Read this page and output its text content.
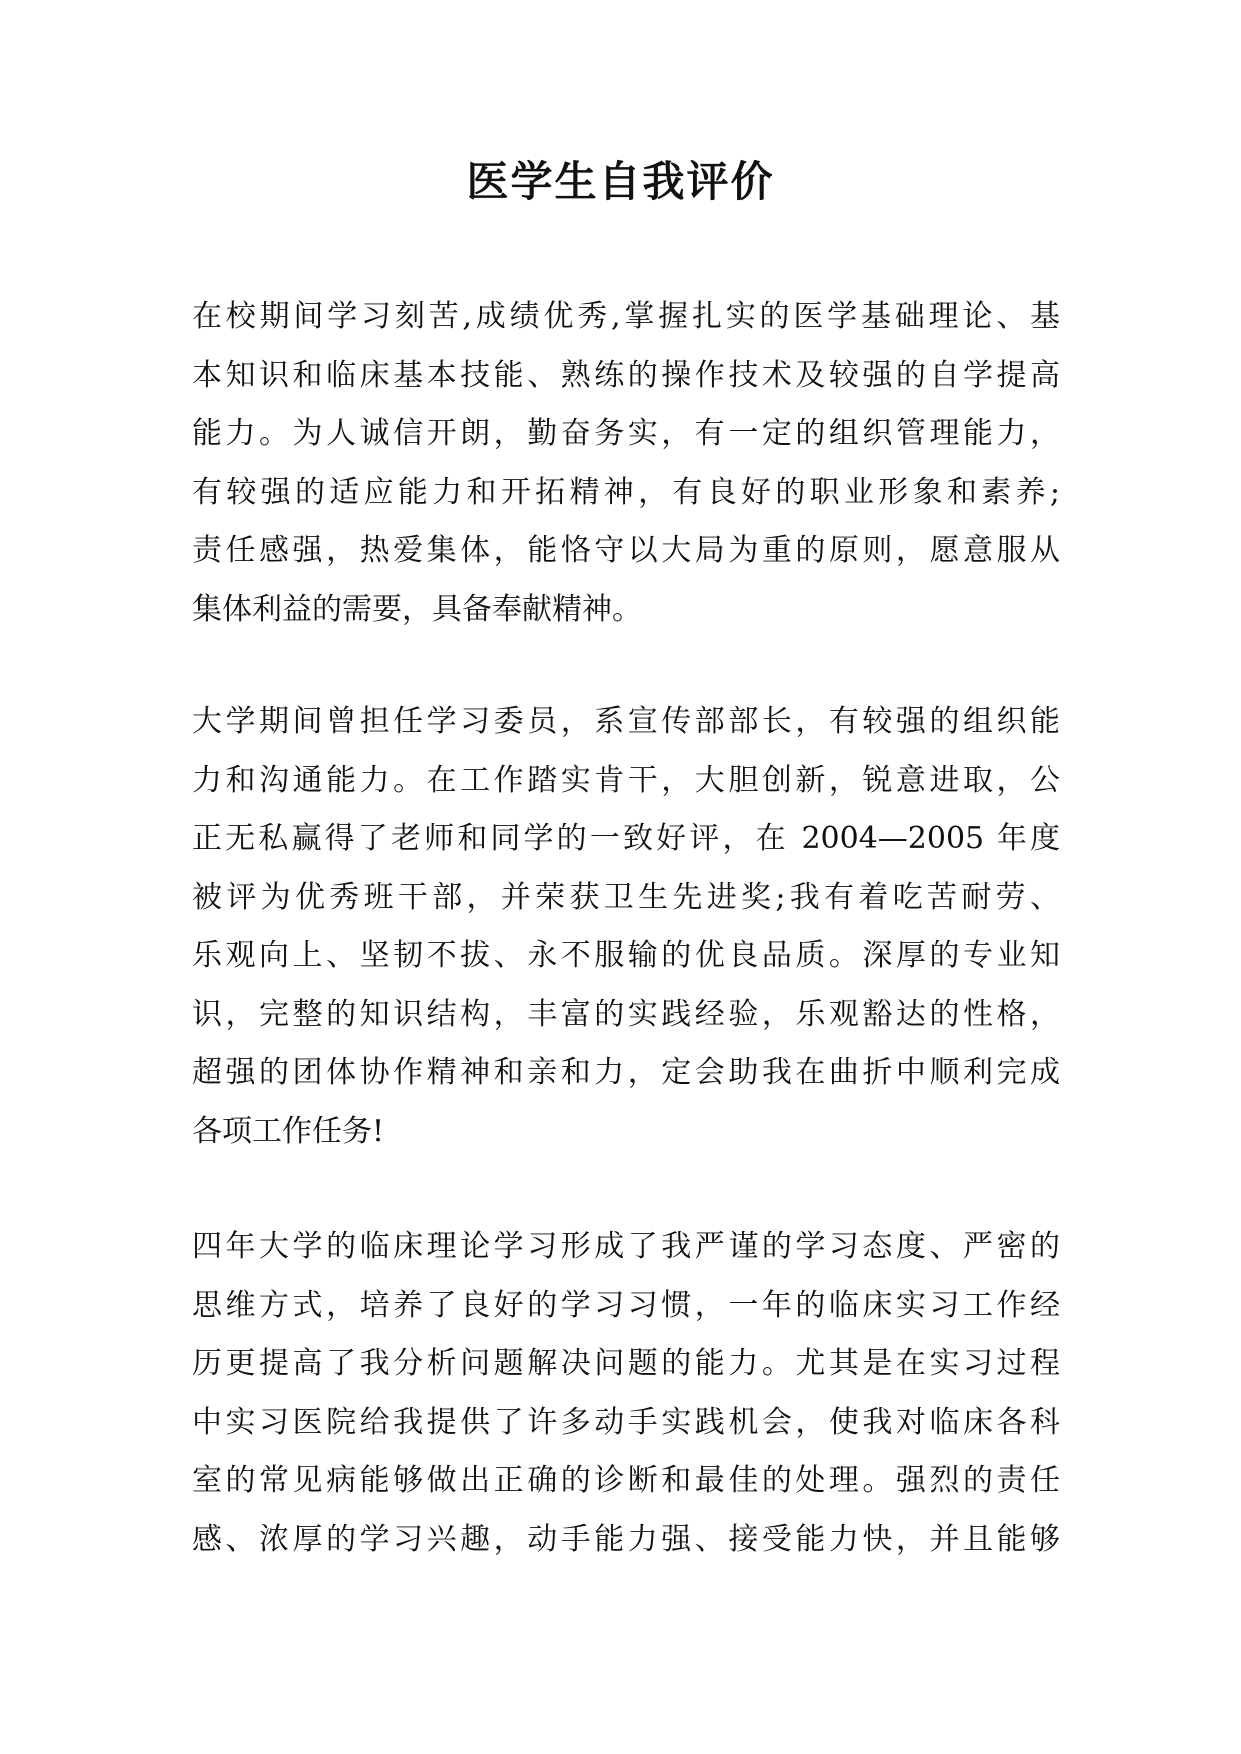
医学生自我评价
在校期间学习刻苦,成绩优秀,掌握扎实的医学基础理论、基
本知识和临床基本技能、熟练的操作技术及较强的自学提高
能力。为人诚信开朗，勤奋务实，有一定的组织管理能力，
有较强的适应能力和开拓精神，有良好的职业形象和素养;
责任感强，热爱集体，能恪守以大局为重的原则，愿意服从
集体利益的需要，具备奉献精神。
大学期间曾担任学习委员，系宣传部部长，有较强的组织能
力和沟通能力。在工作踏实肯干，大胆创新，锐意进取，公
正无私赢得了老师和同学的一致好评，在 2004—2005 年度
被评为优秀班干部，并荣获卫生先进奖;我有着吃苦耐劳、
乐观向上、坚韧不拔、永不服输的优良品质。深厚的专业知
识，完整的知识结构，丰富的实践经验，乐观豁达的性格，
超强的团体协作精神和亲和力，定会助我在曲折中顺利完成
各项工作任务!
四年大学的临床理论学习形成了我严谨的学习态度、严密的
思维方式，培养了良好的学习习惯，一年的临床实习工作经
历更提高了我分析问题解决问题的能力。尤其是在实习过程
中实习医院给我提供了许多动手实践机会，使我对临床各科
室的常见病能够做出正确的诊断和最佳的处理。强烈的责任
感、浓厚的学习兴趣，动手能力强、接受能力快，并且能够
